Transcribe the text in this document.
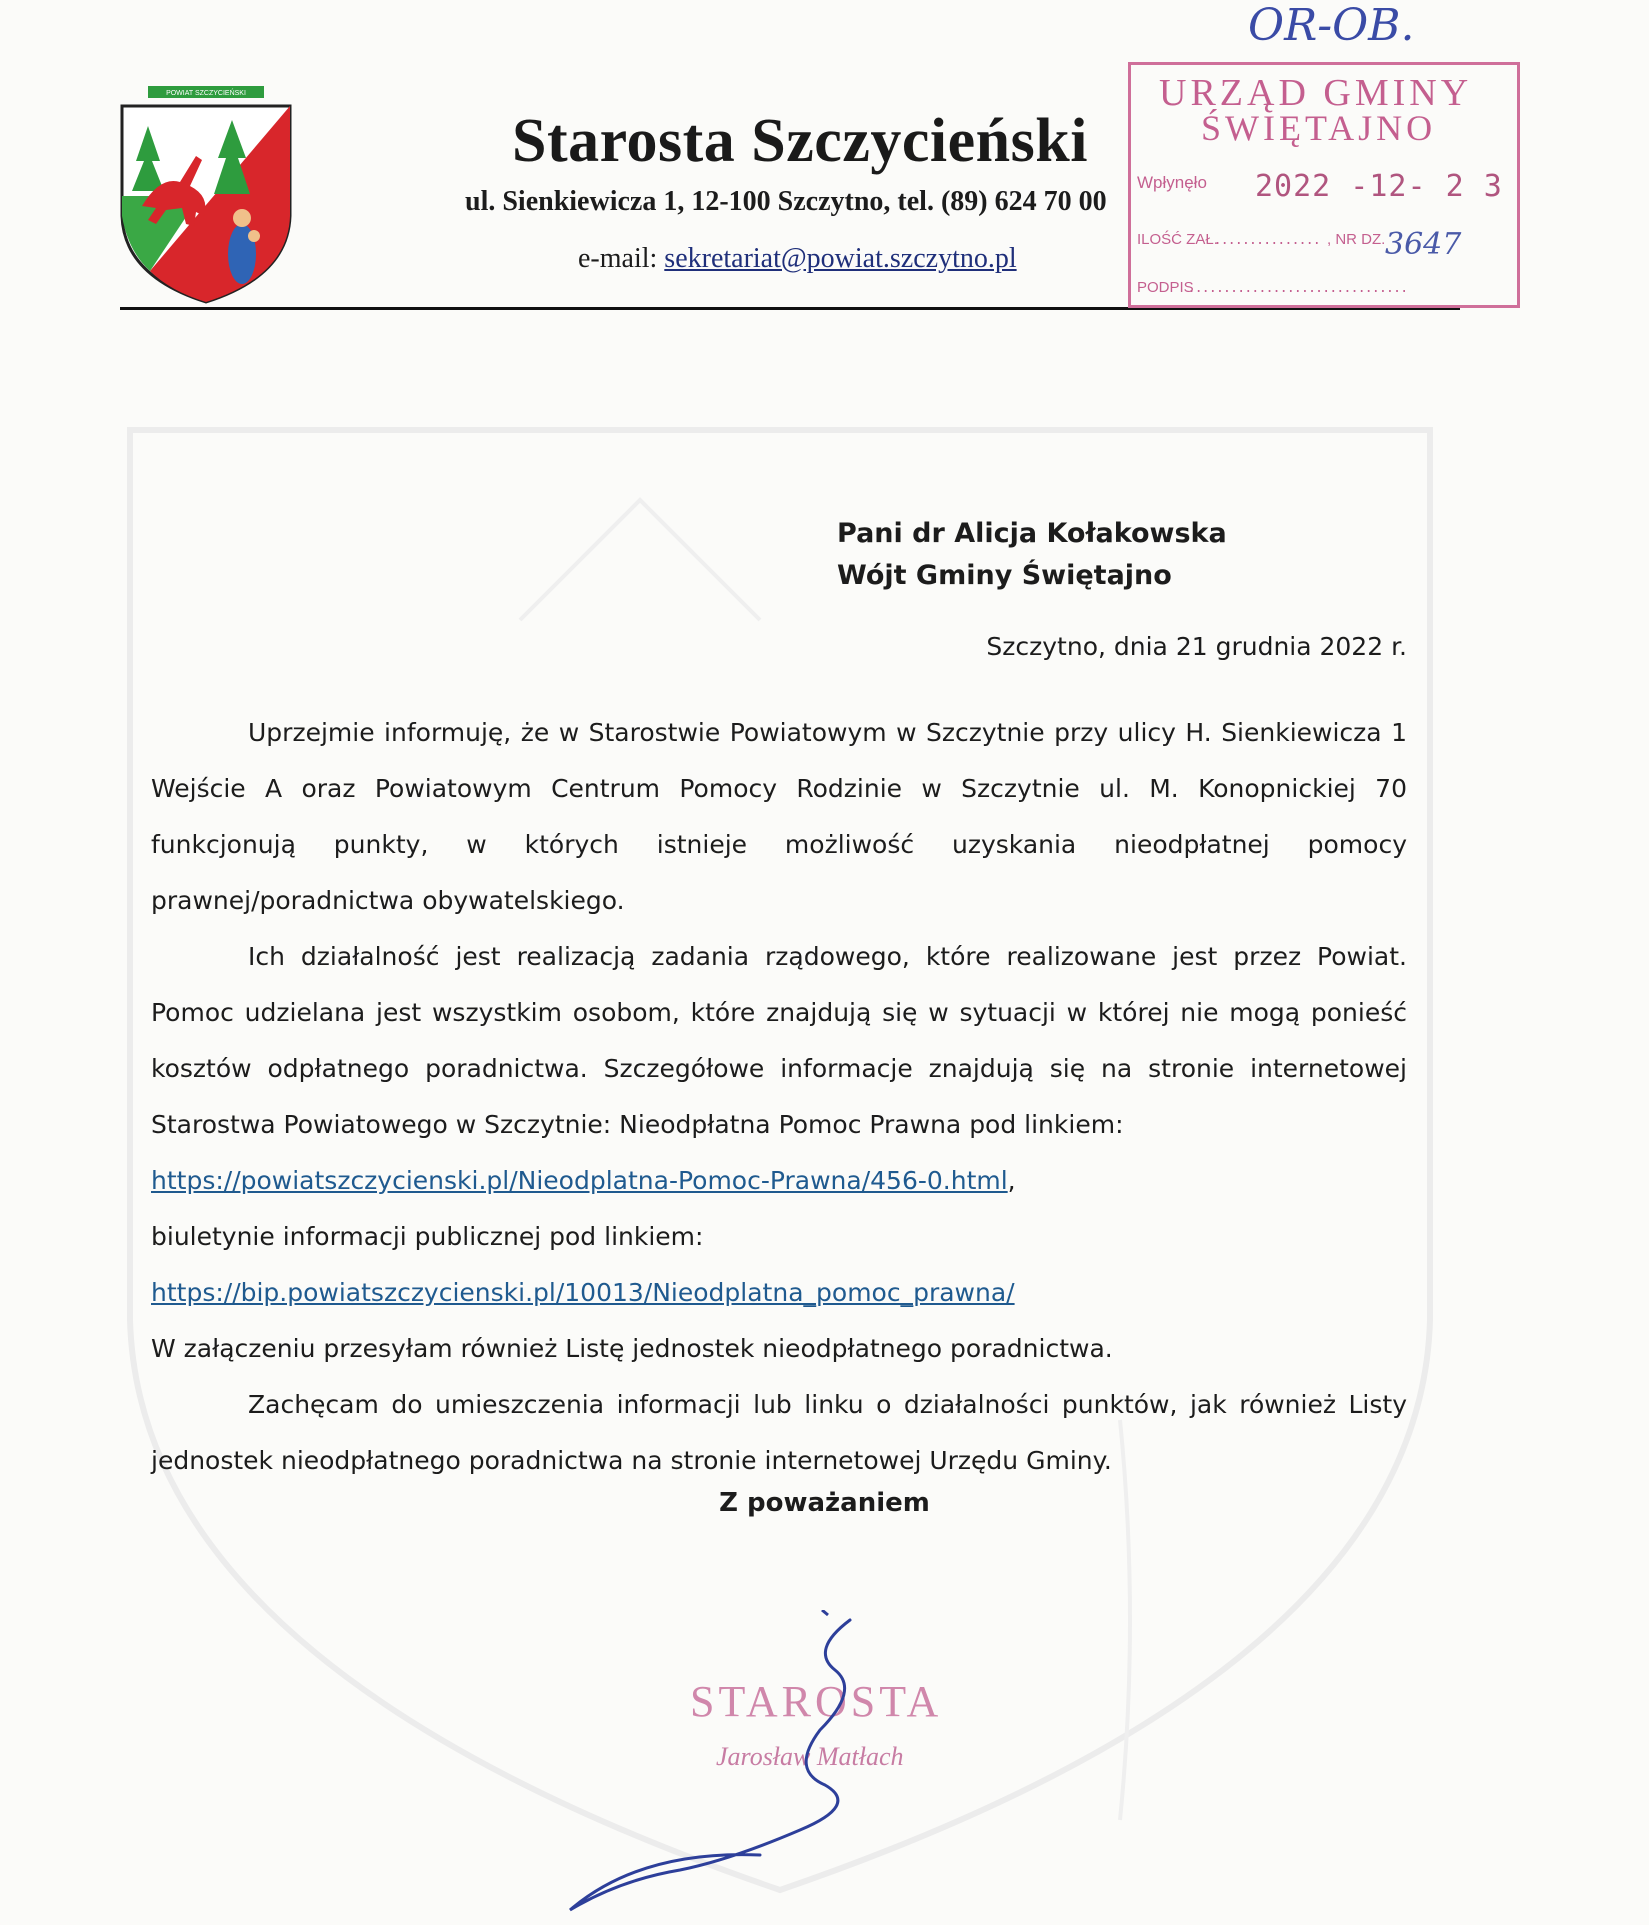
POWIAT SZCZYCIEŃSKI
Starosta Szczycieński
ul. Sienkiewicza 1, 12-100 Szczytno, tel. (89) 624 70 00
e-mail: sekretariat@powiat.szczytno.pl
OR-OB.
URZĄD GMINY
ŚWIĘTAJNO
Wpłynęło 2022 -12- 2 3
ILOŚĆ ZAŁ.
............... , NR DZ. 3647
PODPIS
...............................
Pani dr Alicja Kołakowska
Wójt Gminy Świętajno
Szczytno, dnia 21 grudnia 2022 r.

Uprzejmie informuję, że w Starostwie Powiatowym w Szczytnie przy ulicy H. Sienkiewicza 1 Wejście A oraz Powiatowym Centrum Pomocy Rodzinie w Szczytnie ul. M. Konopnickiej 70 funkcjonują punkty, w których istnieje możliwość uzyskania nieodpłatnej pomocy prawnej/poradnictwa obywatelskiego.

Ich działalność jest realizacją zadania rządowego, które realizowane jest przez Powiat. Pomoc udzielana jest wszystkim osobom, które znajdują się w sytuacji w której nie mogą ponieść kosztów odpłatnego poradnictwa. Szczegółowe informacje znajdują się na stronie internetowej Starostwa Powiatowego w Szczytnie: Nieodpłatna Pomoc Prawna pod linkiem:

https://powiatszczycienski.pl/Nieodplatna-Pomoc-Prawna/456-0.html,

biuletynie informacji publicznej pod linkiem:

https://bip.powiatszczycienski.pl/10013/Nieodplatna_pomoc_prawna/

W załączeniu przesyłam również Listę jednostek nieodpłatnego poradnictwa.

Zachęcam do umieszczenia informacji lub linku o działalności punktów, jak również Listy jednostek nieodpłatnego poradnictwa na stronie internetowej Urzędu Gminy.

Z poważaniem
STAROSTA
Jarosław Matłach
